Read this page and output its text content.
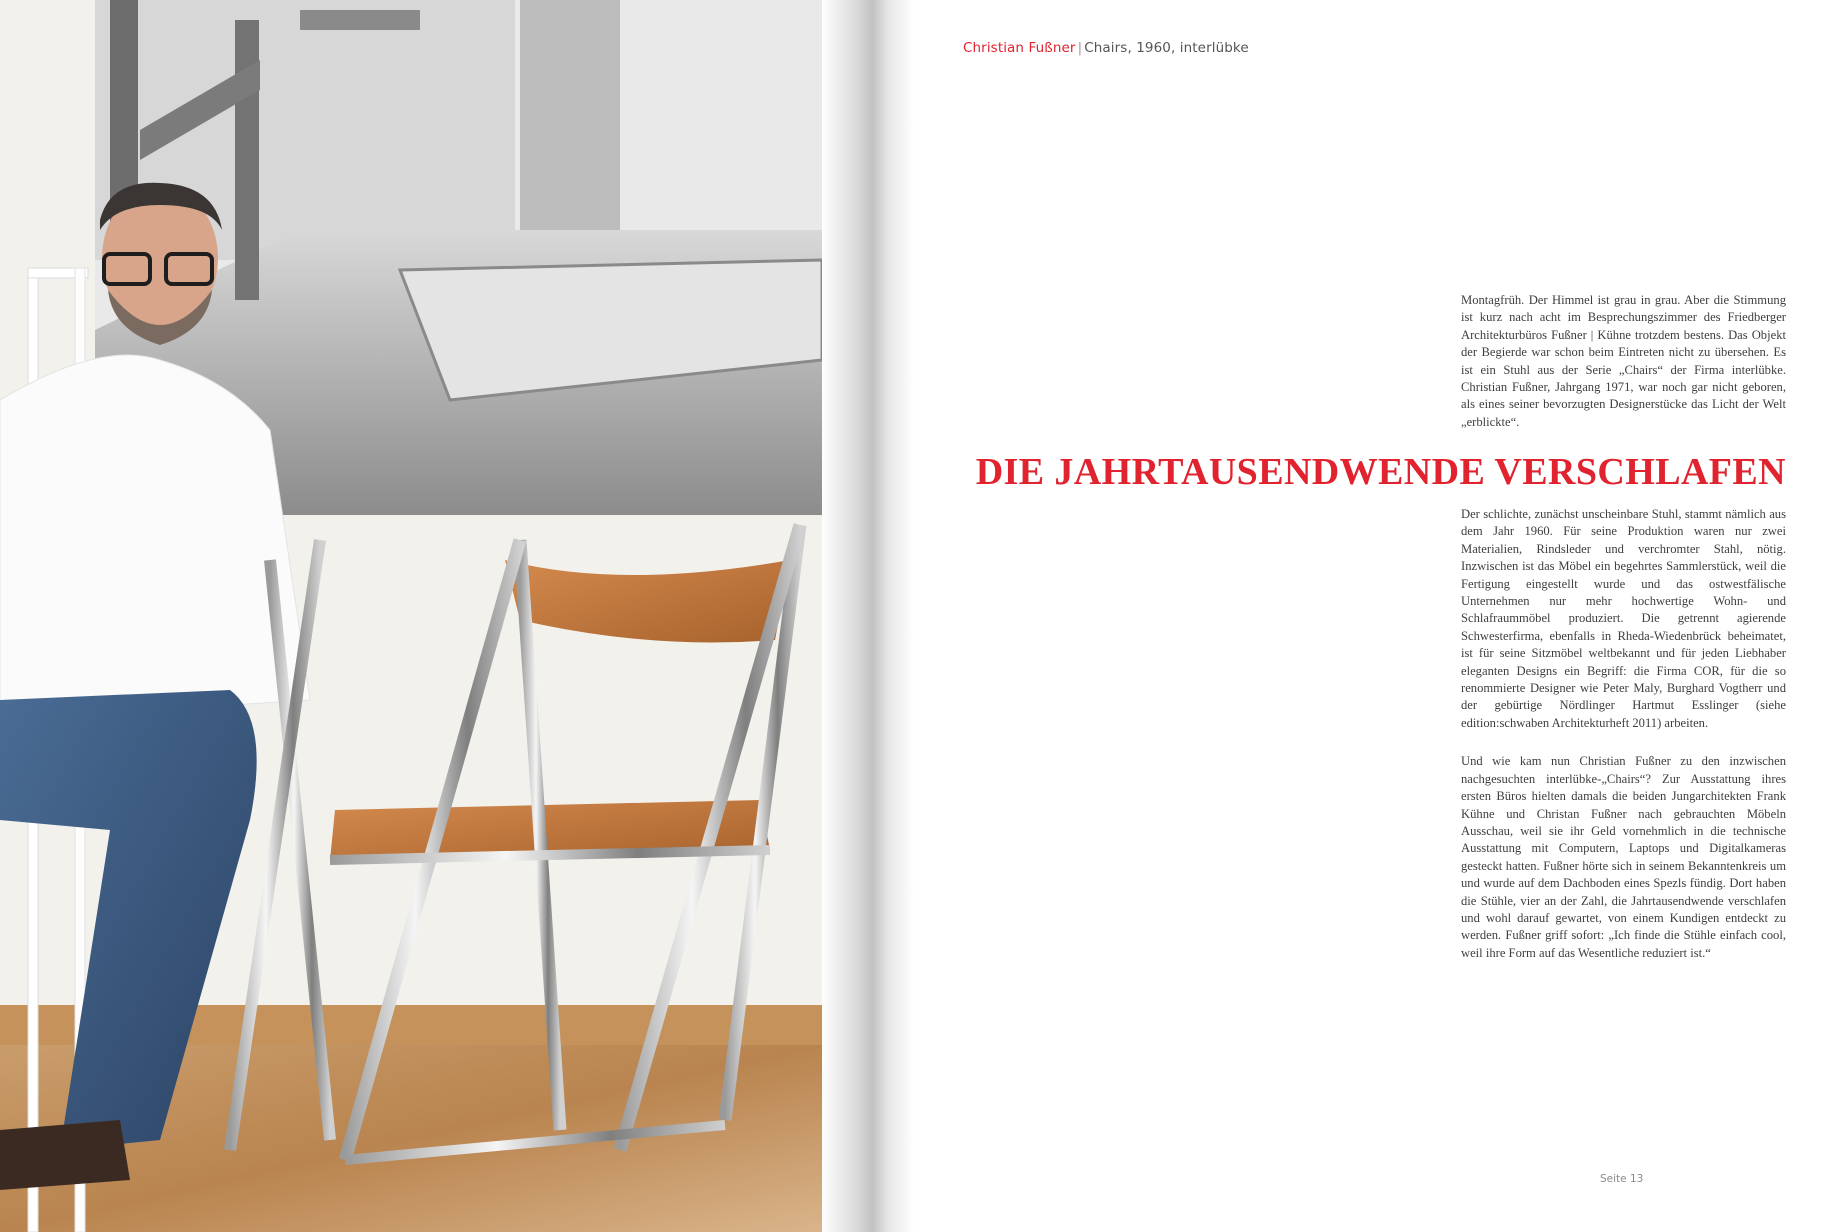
Christian Fußner | Chairs, 1960, interlübke

Montagfrüh. Der Himmel ist grau in grau. Aber die Stimmung ist kurz nach acht im Besprechungszimmer des Friedberger Architekturbüros Fußner | Kühne trotzdem bestens. Das Objekt der Begierde war schon beim Eintreten nicht zu übersehen. Es ist ein Stuhl aus der Serie „Chairs“ der Firma interlübke. Christian Fußner, Jahrgang 1971, war noch gar nicht geboren, als eines seiner bevorzugten Designerstücke das Licht der Welt „erblickte“.

DIE JAHRTAUSENDWENDE VERSCHLAFEN

Der schlichte, zunächst unscheinbare Stuhl, stammt nämlich aus dem Jahr 1960. Für seine Produktion waren nur zwei Materialien, Rindsleder und verchromter Stahl, nötig. Inzwischen ist das Möbel ein begehrtes Sammlerstück, weil die Fertigung eingestellt wurde und das ostwestfälische Unternehmen nur mehr hochwertige Wohn- und Schlafraummöbel produziert. Die getrennt agierende Schwesterfirma, ebenfalls in Rheda-Wiedenbrück beheimatet, ist für seine Sitzmöbel weltbekannt und für jeden Liebhaber eleganten Designs ein Begriff: die Firma COR, für die so renommierte Designer wie Peter Maly, Burghard Vogtherr und der gebürtige Nördlinger Hartmut Esslinger (siehe edition:schwaben Architekturheft 2011) arbeiten.

Und wie kam nun Christian Fußner zu den inzwischen nachgesuchten interlübke-„Chairs“? Zur Ausstattung ihres ersten Büros hielten damals die beiden Jungarchitekten Frank Kühne und Christan Fußner nach gebrauchten Möbeln Ausschau, weil sie ihr Geld vornehmlich in die technische Ausstattung mit Computern, Laptops und Digitalkameras gesteckt hatten. Fußner hörte sich in seinem Bekanntenkreis um und wurde auf dem Dachboden eines Spezls fündig. Dort haben die Stühle, vier an der Zahl, die Jahrtausendwende verschlafen und wohl darauf gewartet, von einem Kundigen entdeckt zu werden. Fußner griff sofort: „Ich finde die Stühle einfach cool, weil ihre Form auf das Wesentliche reduziert ist.“

Seite 13
